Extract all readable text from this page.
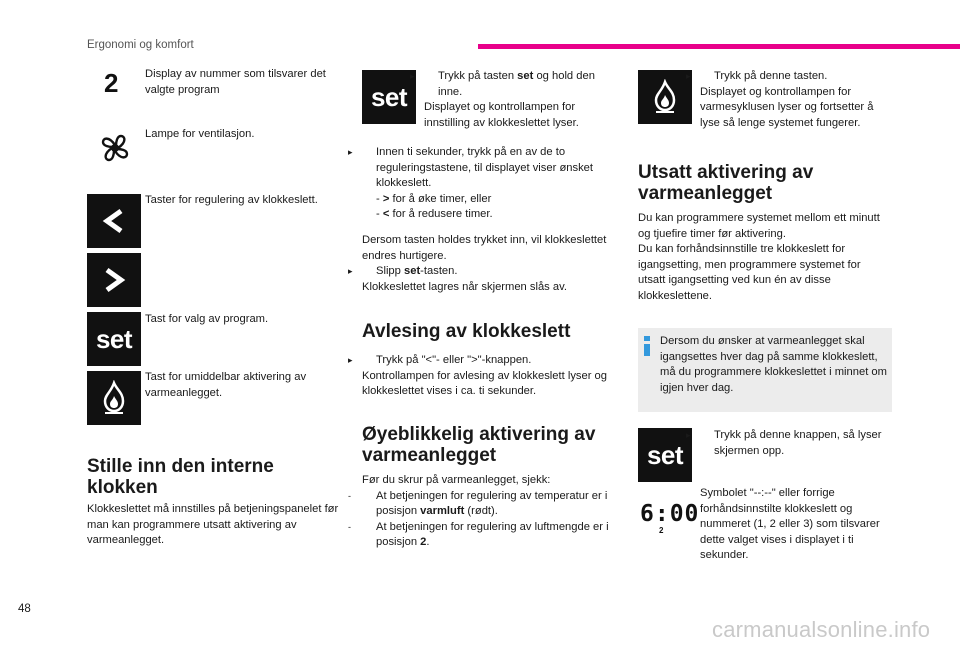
Ergonomi og komfort
2 Display av nummer som tilsvarer det valgte program
Lampe for ventilasjon.
Taster for regulering av klokkeslett.
set
Tast for valg av program.
Tast for umiddelbar aktivering av varmeanlegget.
Stille inn den interne klokken
Klokkeslettet må innstilles på betjeningspanelet før man kan programmere utsatt aktivering av varmeanlegget.
set
▸ Trykk på tasten set og hold den inne.
Displayet og kontrollampen for innstilling av klokkeslettet lyser.
▸ Innen ti sekunder, trykk på en av de to reguleringstastene, til displayet viser ønsket klokkeslett.
- > for å øke timer, eller
- < for å redusere timer.
Dersom tasten holdes trykket inn, vil klokkeslettet endres hurtigere.
▸ Slipp set-tasten.
Klokkeslettet lagres når skjermen slås av.
Avlesing av klokkeslett
▸ Trykk på "<"- eller ">"-knappen.
Kontrollampen for avlesing av klokkeslett lyser og klokkeslettet vises i ca. ti sekunder.
Øyeblikkelig aktivering av varmeanlegget
Før du skrur på varmeanlegget, sjekk:
- At betjeningen for regulering av temperatur er i posisjon varmluft (rødt).
- At betjeningen for regulering av luftmengde er i posisjon 2.
▸ Trykk på denne tasten.
Displayet og kontrollampen for varmesyklusen lyser og fortsetter å lyse så lenge systemet fungerer.
Utsatt aktivering av varmeanlegget
Du kan programmere systemet mellom ett minutt og tjuefire timer før aktivering.
Du kan forhåndsinnstille tre klokkeslett for igangsetting, men programmere systemet for utsatt igangsetting ved kun én av disse klokkeslettene.
Dersom du ønsker at varmeanlegget skal igangsettes hver dag på samme klokkeslett, må du programmere klokkeslettet i minnet om igjen hver dag.
set
▸ Trykk på denne knappen, så lyser skjermen opp.
6:00
2
Symbolet "--:--" eller forrige forhåndsinnstilte klokkeslett og nummeret (1, 2 eller 3) som tilsvarer dette valget vises i displayet i ti sekunder.
48
carmanualsonline.info
